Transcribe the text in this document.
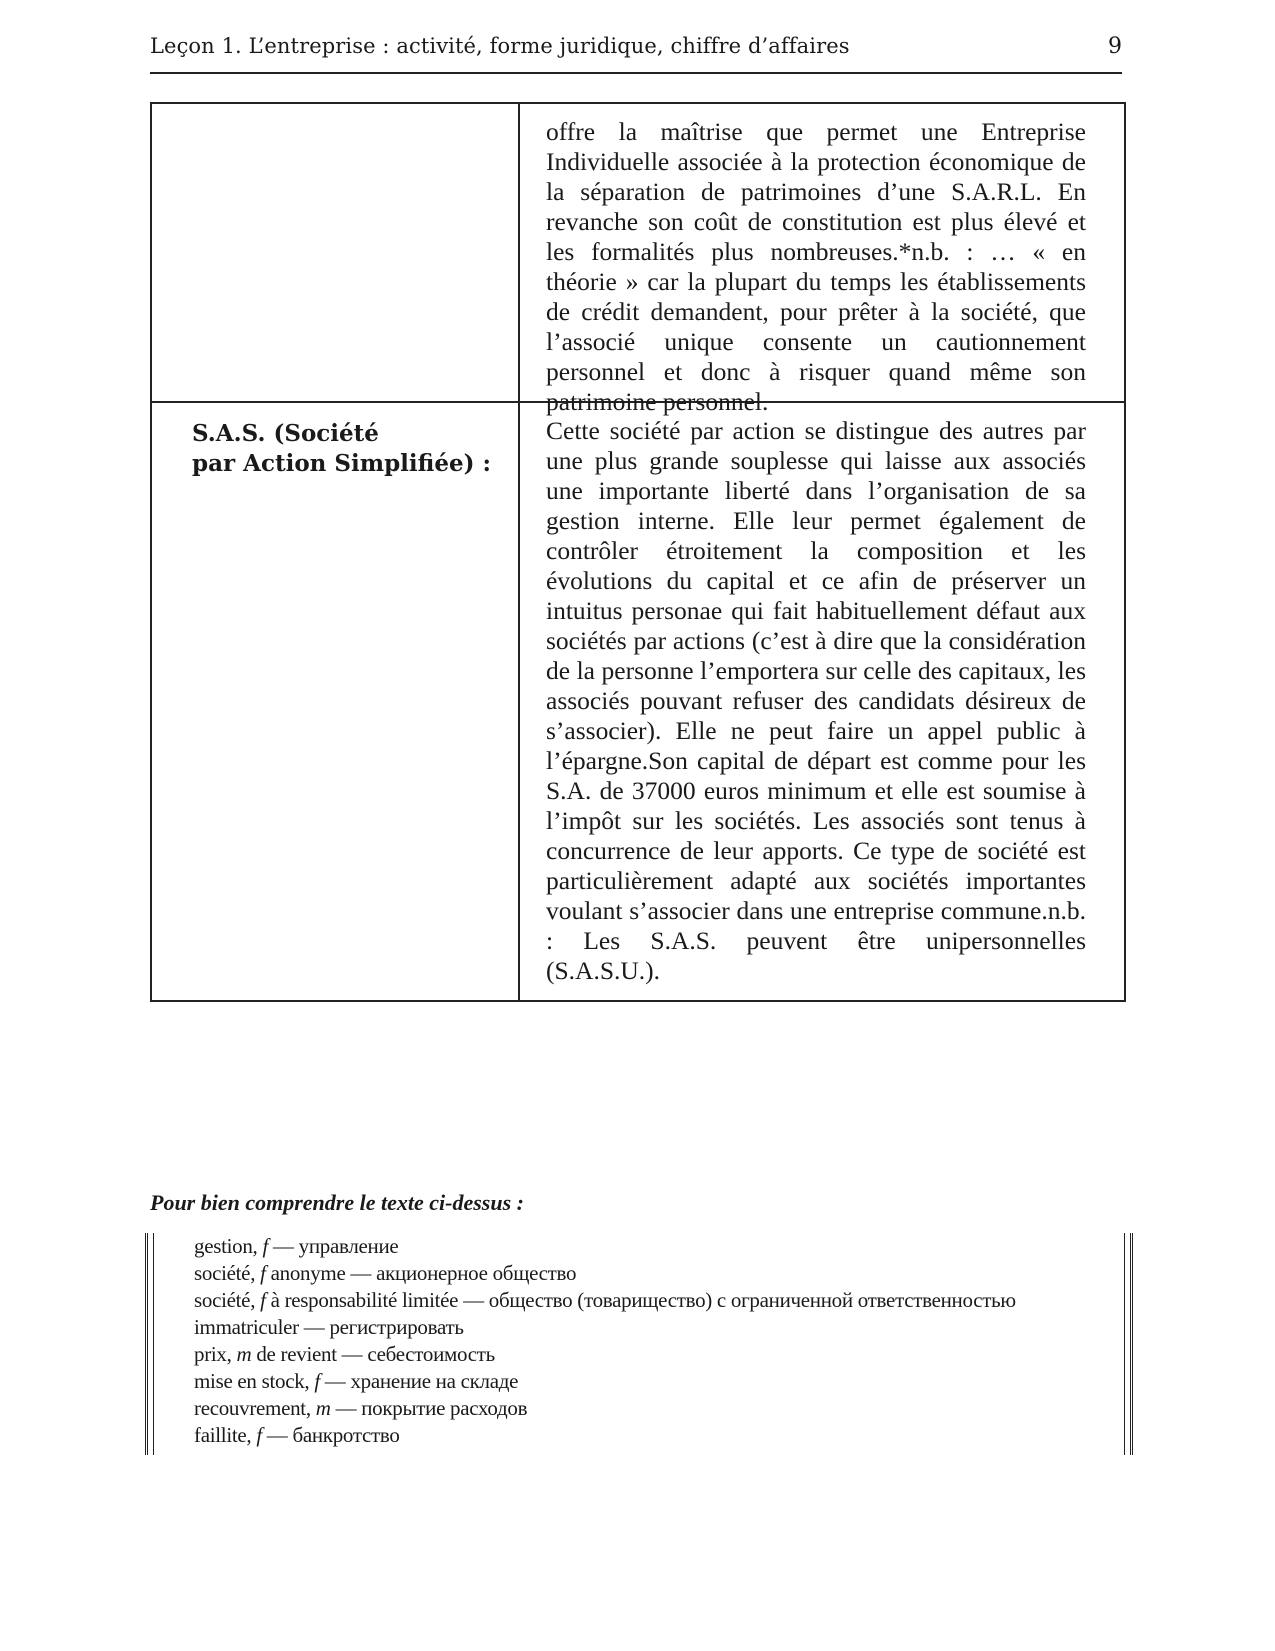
Leçon 1. L’entreprise : activité, forme juridique, chiffre d’affaires	9

	offre la maîtrise que permet une Entreprise Individuelle associée à la protection économique de la séparation de patrimoines d’une S.A.R.L. En revanche son coût de constitution est plus élevé et les formalités plus nombreuses.*n.b. : … « en théorie » car la plupart du temps les établissements de crédit demandent, pour prêter à la société, que l’associé unique consente un cautionnement personnel et donc à risquer quand même son patrimoine personnel.

S.A.S. (Société
par Action Simplifiée) :	Cette société par action se distingue des autres par une plus grande souplesse qui laisse aux associés une importante liberté dans l’organisation de sa gestion interne. Elle leur permet également de contrôler étroitement la composition et les évolutions du capital et ce afin de préserver un intuitus personae qui fait habituellement défaut aux sociétés par actions (c’est à dire que la considération de la personne l’emportera sur celle des capitaux, les associés pouvant refuser des candidats désireux de s’associer). Elle ne peut faire un appel public à l’épargne.Son capital de départ est comme pour les S.A. de 37000 euros minimum et elle est soumise à l’impôt sur les sociétés. Les associés sont tenus à concurrence de leur apports. Ce type de société est particulièrement adapté aux sociétés importantes voulant s’associer dans une entreprise commune.n.b. : Les S.A.S. peuvent être unipersonnelles (S.A.S.U.).

Pour bien comprendre le texte ci-dessus :
gestion, f — управление
société, f anonyme — акционерное общество
société, f à responsabilité limitée — общество (товарищество) с ограниченной ответственностью
immatriculer — регистрировать
prix, m de revient — себестоимость
mise en stock, f — хранение на складе
recouvrement, m — покрытие расходов
faillite, f — банкротство
